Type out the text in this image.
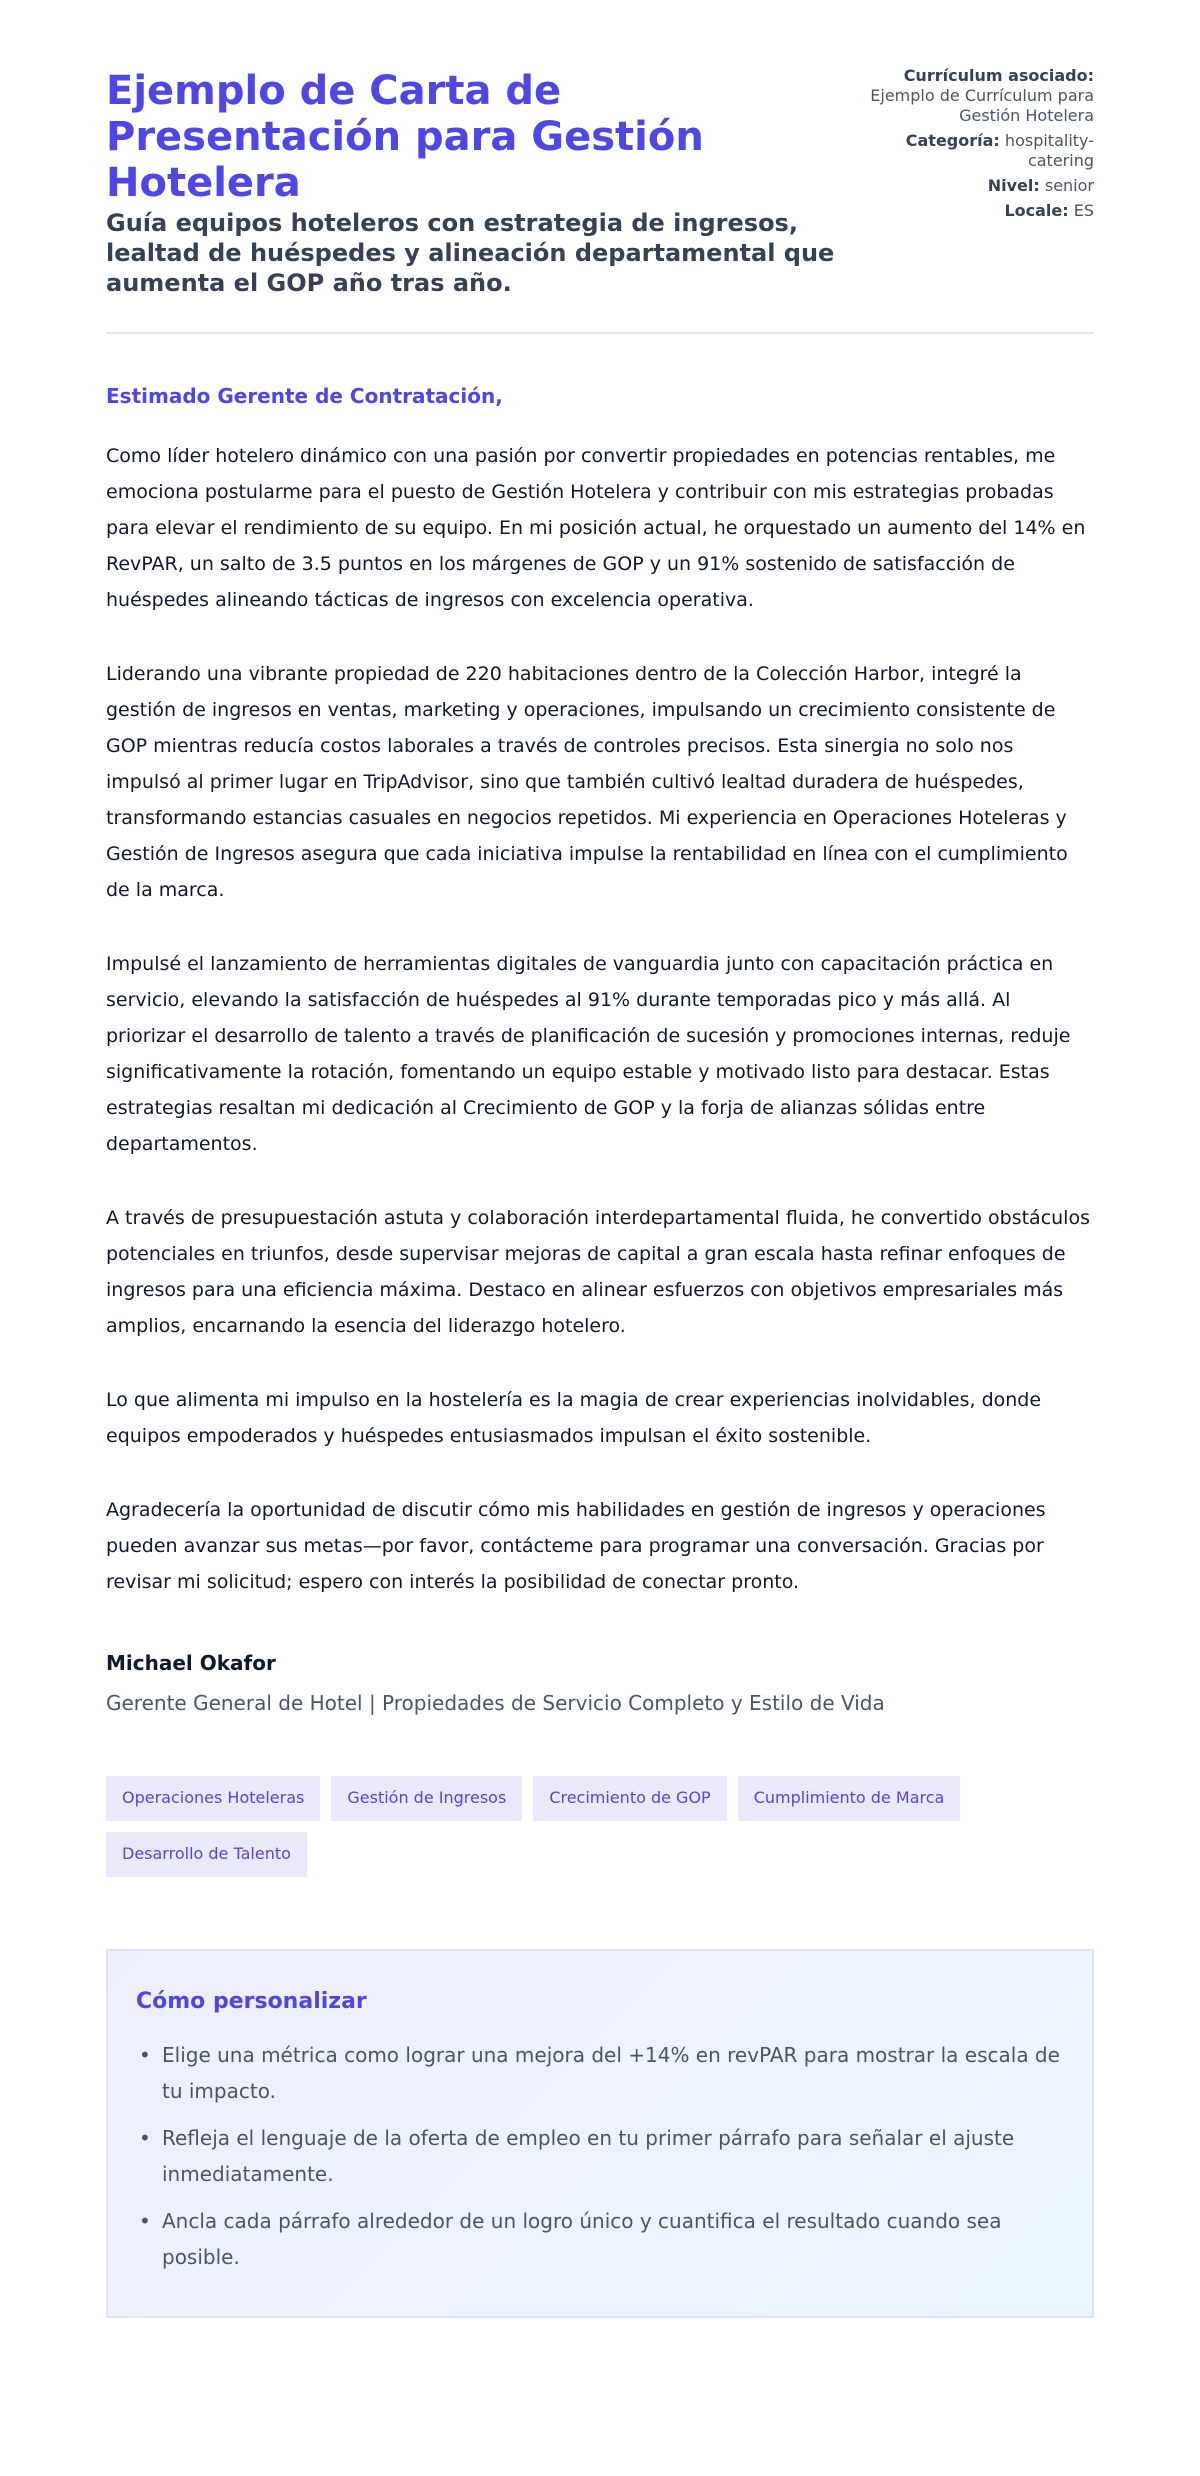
Ejemplo de Carta de Presentación para Gestión Hotelera
Guía equipos hoteleros con estrategia de ingresos, lealtad de huéspedes y alineación departamental que aumenta el GOP año tras año.
Currículum asociado:
Ejemplo de Currículum para Gestión Hotelera
Categoría: hospitality-catering
Nivel: senior
Locale: ES
Estimado Gerente de Contratación,

Como líder hotelero dinámico con una pasión por convertir propiedades en potencias rentables, me emociona postularme para el puesto de Gestión Hotelera y contribuir con mis estrategias probadas para elevar el rendimiento de su equipo. En mi posición actual, he orquestado un aumento del 14% en RevPAR, un salto de 3.5 puntos en los márgenes de GOP y un 91% sostenido de satisfacción de huéspedes alineando tácticas de ingresos con excelencia operativa.

Liderando una vibrante propiedad de 220 habitaciones dentro de la Colección Harbor, integré la gestión de ingresos en ventas, marketing y operaciones, impulsando un crecimiento consistente de GOP mientras reducía costos laborales a través de controles precisos. Esta sinergia no solo nos impulsó al primer lugar en TripAdvisor, sino que también cultivó lealtad duradera de huéspedes, transformando estancias casuales en negocios repetidos. Mi experiencia en Operaciones Hoteleras y Gestión de Ingresos asegura que cada iniciativa impulse la rentabilidad en línea con el cumplimiento de la marca.

Impulsé el lanzamiento de herramientas digitales de vanguardia junto con capacitación práctica en servicio, elevando la satisfacción de huéspedes al 91% durante temporadas pico y más allá. Al priorizar el desarrollo de talento a través de planificación de sucesión y promociones internas, reduje significativamente la rotación, fomentando un equipo estable y motivado listo para destacar. Estas estrategias resaltan mi dedicación al Crecimiento de GOP y la forja de alianzas sólidas entre departamentos.

A través de presupuestación astuta y colaboración interdepartamental fluida, he convertido obstáculos potenciales en triunfos, desde supervisar mejoras de capital a gran escala hasta refinar enfoques de ingresos para una eficiencia máxima. Destaco en alinear esfuerzos con objetivos empresariales más amplios, encarnando la esencia del liderazgo hotelero.

Lo que alimenta mi impulso en la hostelería es la magia de crear experiencias inolvidables, donde equipos empoderados y huéspedes entusiasmados impulsan el éxito sostenible.

Agradecería la oportunidad de discutir cómo mis habilidades en gestión de ingresos y operaciones pueden avanzar sus metas—por favor, contácteme para programar una conversación. Gracias por revisar mi solicitud; espero con interés la posibilidad de conectar pronto.

Michael Okafor
Gerente General de Hotel | Propiedades de Servicio Completo y Estilo de Vida
Operaciones Hoteleras	Gestión de Ingresos	Crecimiento de GOP	Cumplimiento de Marca
Desarrollo de Talento
Cómo personalizar
• Elige una métrica como lograr una mejora del +14% en revPAR para mostrar la escala de tu impacto.
• Refleja el lenguaje de la oferta de empleo en tu primer párrafo para señalar el ajuste inmediatamente.
• Ancla cada párrafo alrededor de un logro único y cuantifica el resultado cuando sea posible.
